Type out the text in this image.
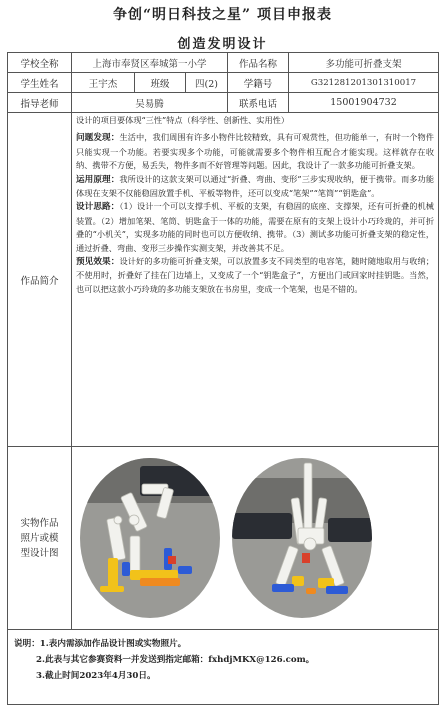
争创“明日科技之星” 项目申报表
创造发明设计
学校全称	上海市奉贤区奉城第一小学			作品名称	多功能可折叠支架
学生姓名	王宇杰	班级	四(2)	学籍号	G321281201301310017
指导老师	吴易腾			联系电话	15001904732
作品简介	设计的项目要体现“三性”特点（科学性、创新性、实用性）

问题发现：生活中，我们周围有许多小物件比较精致，具有可观赏性，但功能单一，有时一个物件只能实现一个功能。若要实现多个功能，可能就需要多个物件相互配合才能实现。这样就存在收纳、携带不方便，易丢失，物件多而不好管理等问题。因此，我设计了一款多功能可折叠支架。

运用原理：我所设计的这款支架可以通过“折叠、弯曲、变形”三步实现收纳，便于携带。而多功能体现在支架不仅能稳固放置手机、平板等物件，还可以变成“笔架”“笔筒”“钥匙盒”。

设计思路：（1）设计一个可以支撑手机、平板的支架，有稳固的底座、支撑架，还有可折叠的机械装置。（2）增加笔架、笔筒、钥匙盒于一体的功能，需要在原有的支架上设计小巧玲珑的，并可折叠的“小机关”，实现多功能的同时也可以方便收纳、携带。（3）测试多功能可折叠支架的稳定性，通过折叠、弯曲、变形三步操作实测支架，并改善其不足。

预见效果：设计好的多功能可折叠支架，可以放置多支不同类型的电容笔，随时随地取用与收纳；不使用时，折叠好了挂在门边墙上，又变成了一个“钥匙盒子”，方便出门或回家时挂钥匙。当然，也可以把这款小巧玲珑的多功能支架放在书房里，变成一个笔架，也是不错的。				

实物作品照片或模型设计图	

说明：1.表内需添加作品设计图或实物照片。
2.此表与其它参赛资料一并发送到指定邮箱：fxhdjMKX@126.com。
3.截止时间2023年4月30日。					
